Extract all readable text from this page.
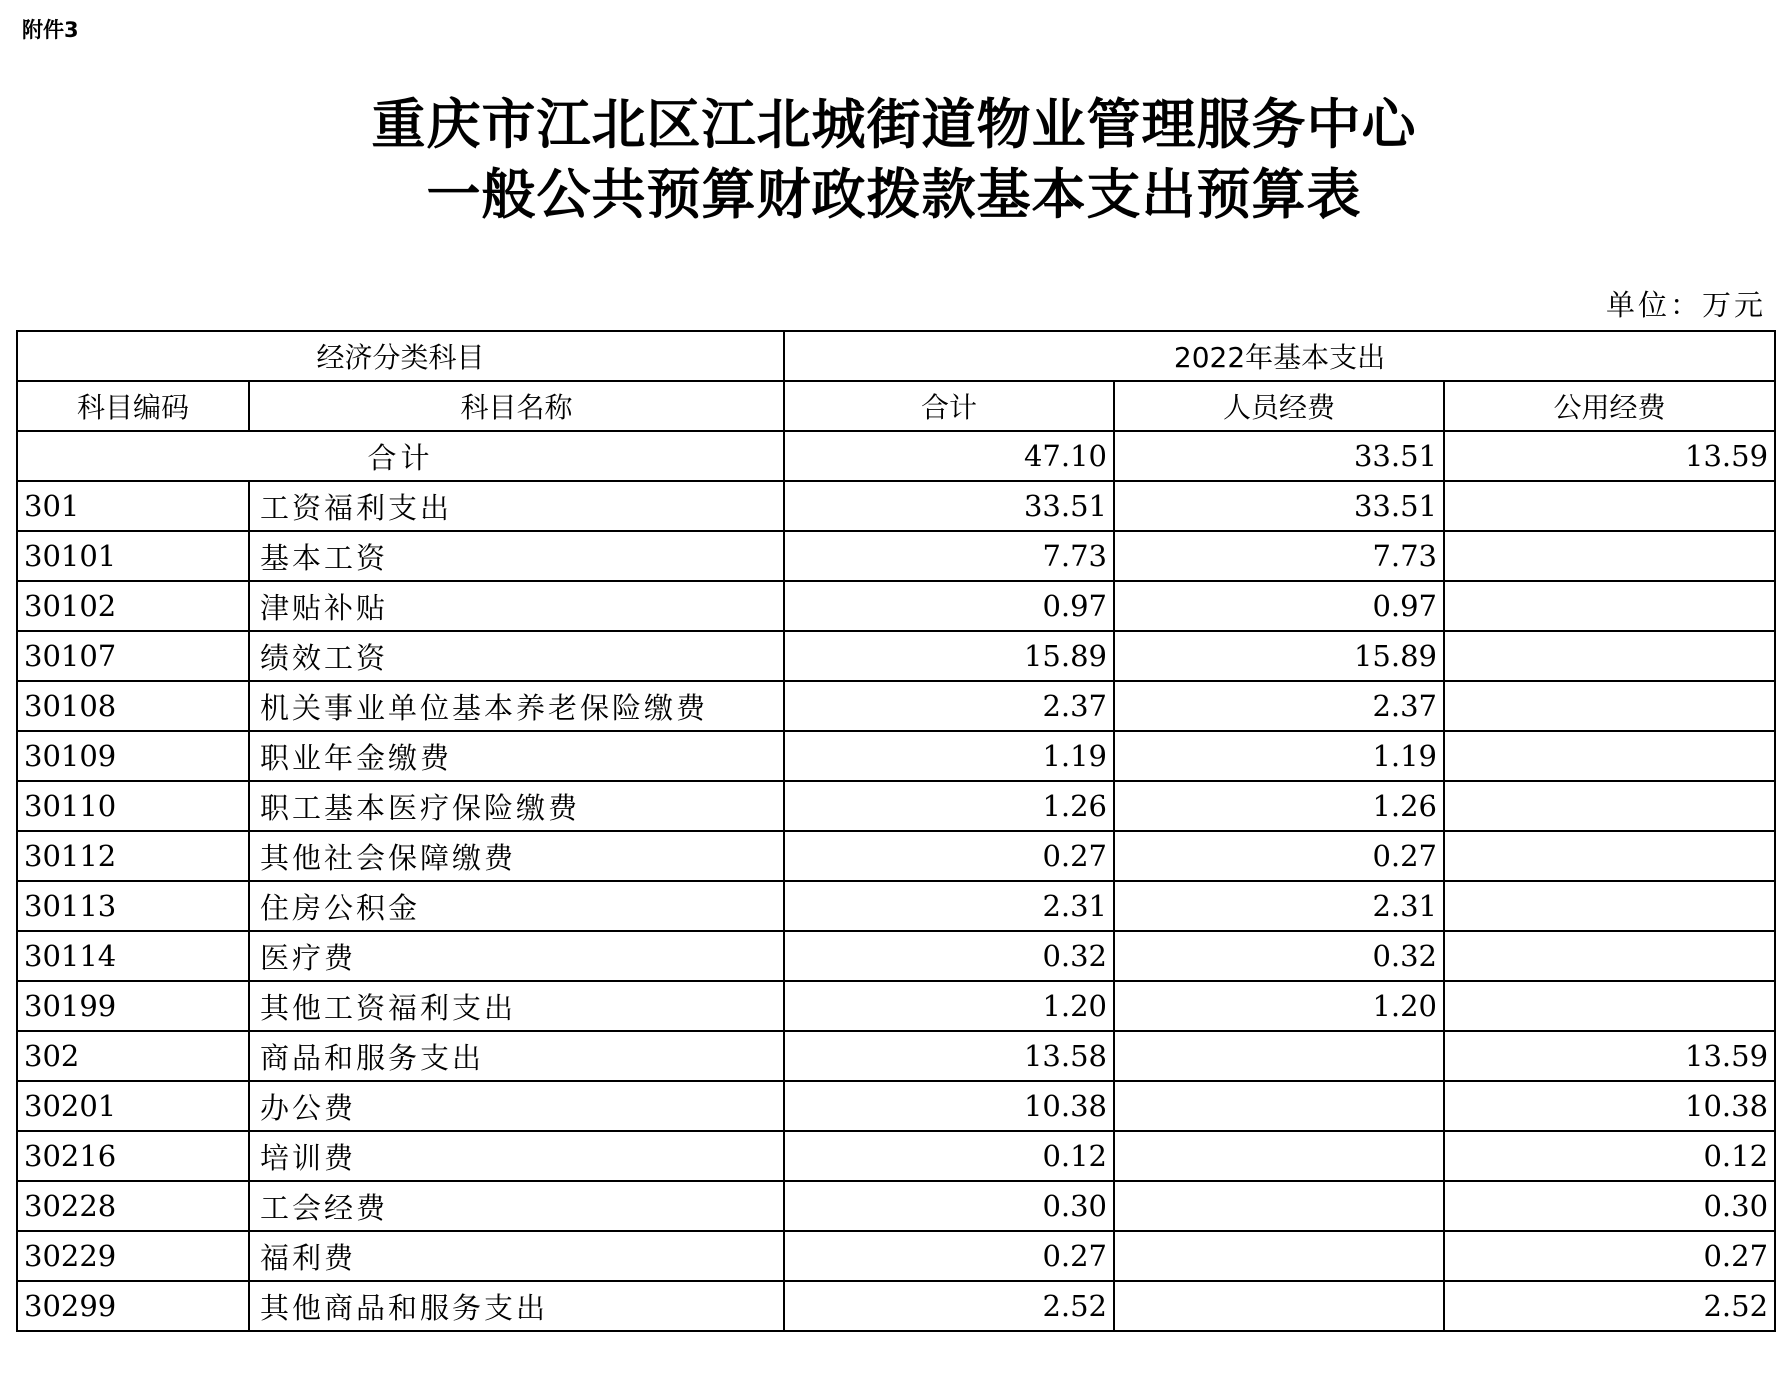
附件3
重庆市江北区江北城街道物业管理服务中心
一般公共预算财政拨款基本支出预算表
单位：万元
经济分类科目		2022年基本支出		
科目编码	科目名称	合计	人员经费	公用经费
合计		47.10	33.51	13.59
301	工资福利支出	33.51	33.51	
30101	基本工资	7.73	7.73	
30102	津贴补贴	0.97	0.97	
30107	绩效工资	15.89	15.89	
30108	机关事业单位基本养老保险缴费	2.37	2.37	
30109	职业年金缴费	1.19	1.19	
30110	职工基本医疗保险缴费	1.26	1.26	
30112	其他社会保障缴费	0.27	0.27	
30113	住房公积金	2.31	2.31	
30114	医疗费	0.32	0.32	
30199	其他工资福利支出	1.20	1.20	
302	商品和服务支出	13.58		13.59
30201	办公费	10.38		10.38
30216	培训费	0.12		0.12
30228	工会经费	0.30		0.30
30229	福利费	0.27		0.27
30299	其他商品和服务支出	2.52		2.52
